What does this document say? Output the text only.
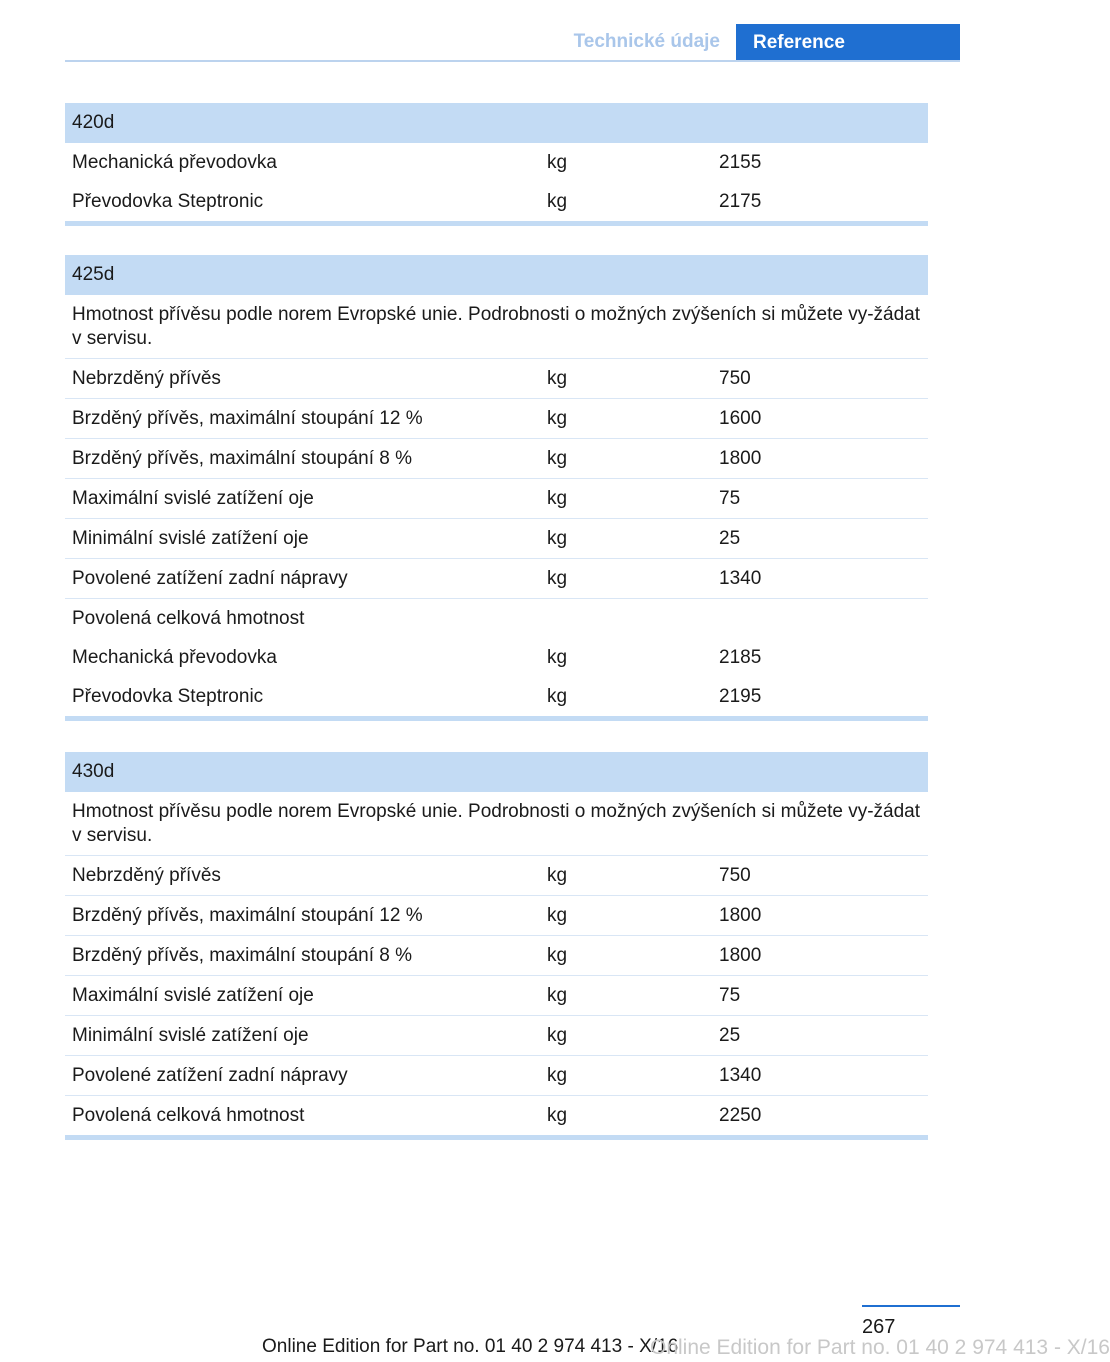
Technické údaje	Reference
420d		
Mechanická převodovka	kg	2155
Převodovka Steptronic	kg	2175

425d		
Hmotnost přívěsu podle norem Evropské unie. Podrobnosti o možných zvýšeních si můžete vy-žádat v servisu.		
Nebrzděný přívěs	kg	750
Brzděný přívěs, maximální stoupání 12 %	kg	1600
Brzděný přívěs, maximální stoupání 8 %	kg	1800
Maximální svislé zatížení oje	kg	75
Minimální svislé zatížení oje	kg	25
Povolené zatížení zadní nápravy	kg	1340
Povolená celková hmotnost		
Mechanická převodovka	kg	2185
Převodovka Steptronic	kg	2195

430d		
Hmotnost přívěsu podle norem Evropské unie. Podrobnosti o možných zvýšeních si můžete vy-žádat v servisu.		
Nebrzděný přívěs	kg	750
Brzděný přívěs, maximální stoupání 12 %	kg	1800
Brzděný přívěs, maximální stoupání 8 %	kg	1800
Maximální svislé zatížení oje	kg	75
Minimální svislé zatížení oje	kg	25
Povolené zatížení zadní nápravy	kg	1340
Povolená celková hmotnost	kg	2250

267
Online Edition for Part no. 01 40 2 974 413 - X/16
Online Edition for Part no. 01 40 2 974 413 - X/16
